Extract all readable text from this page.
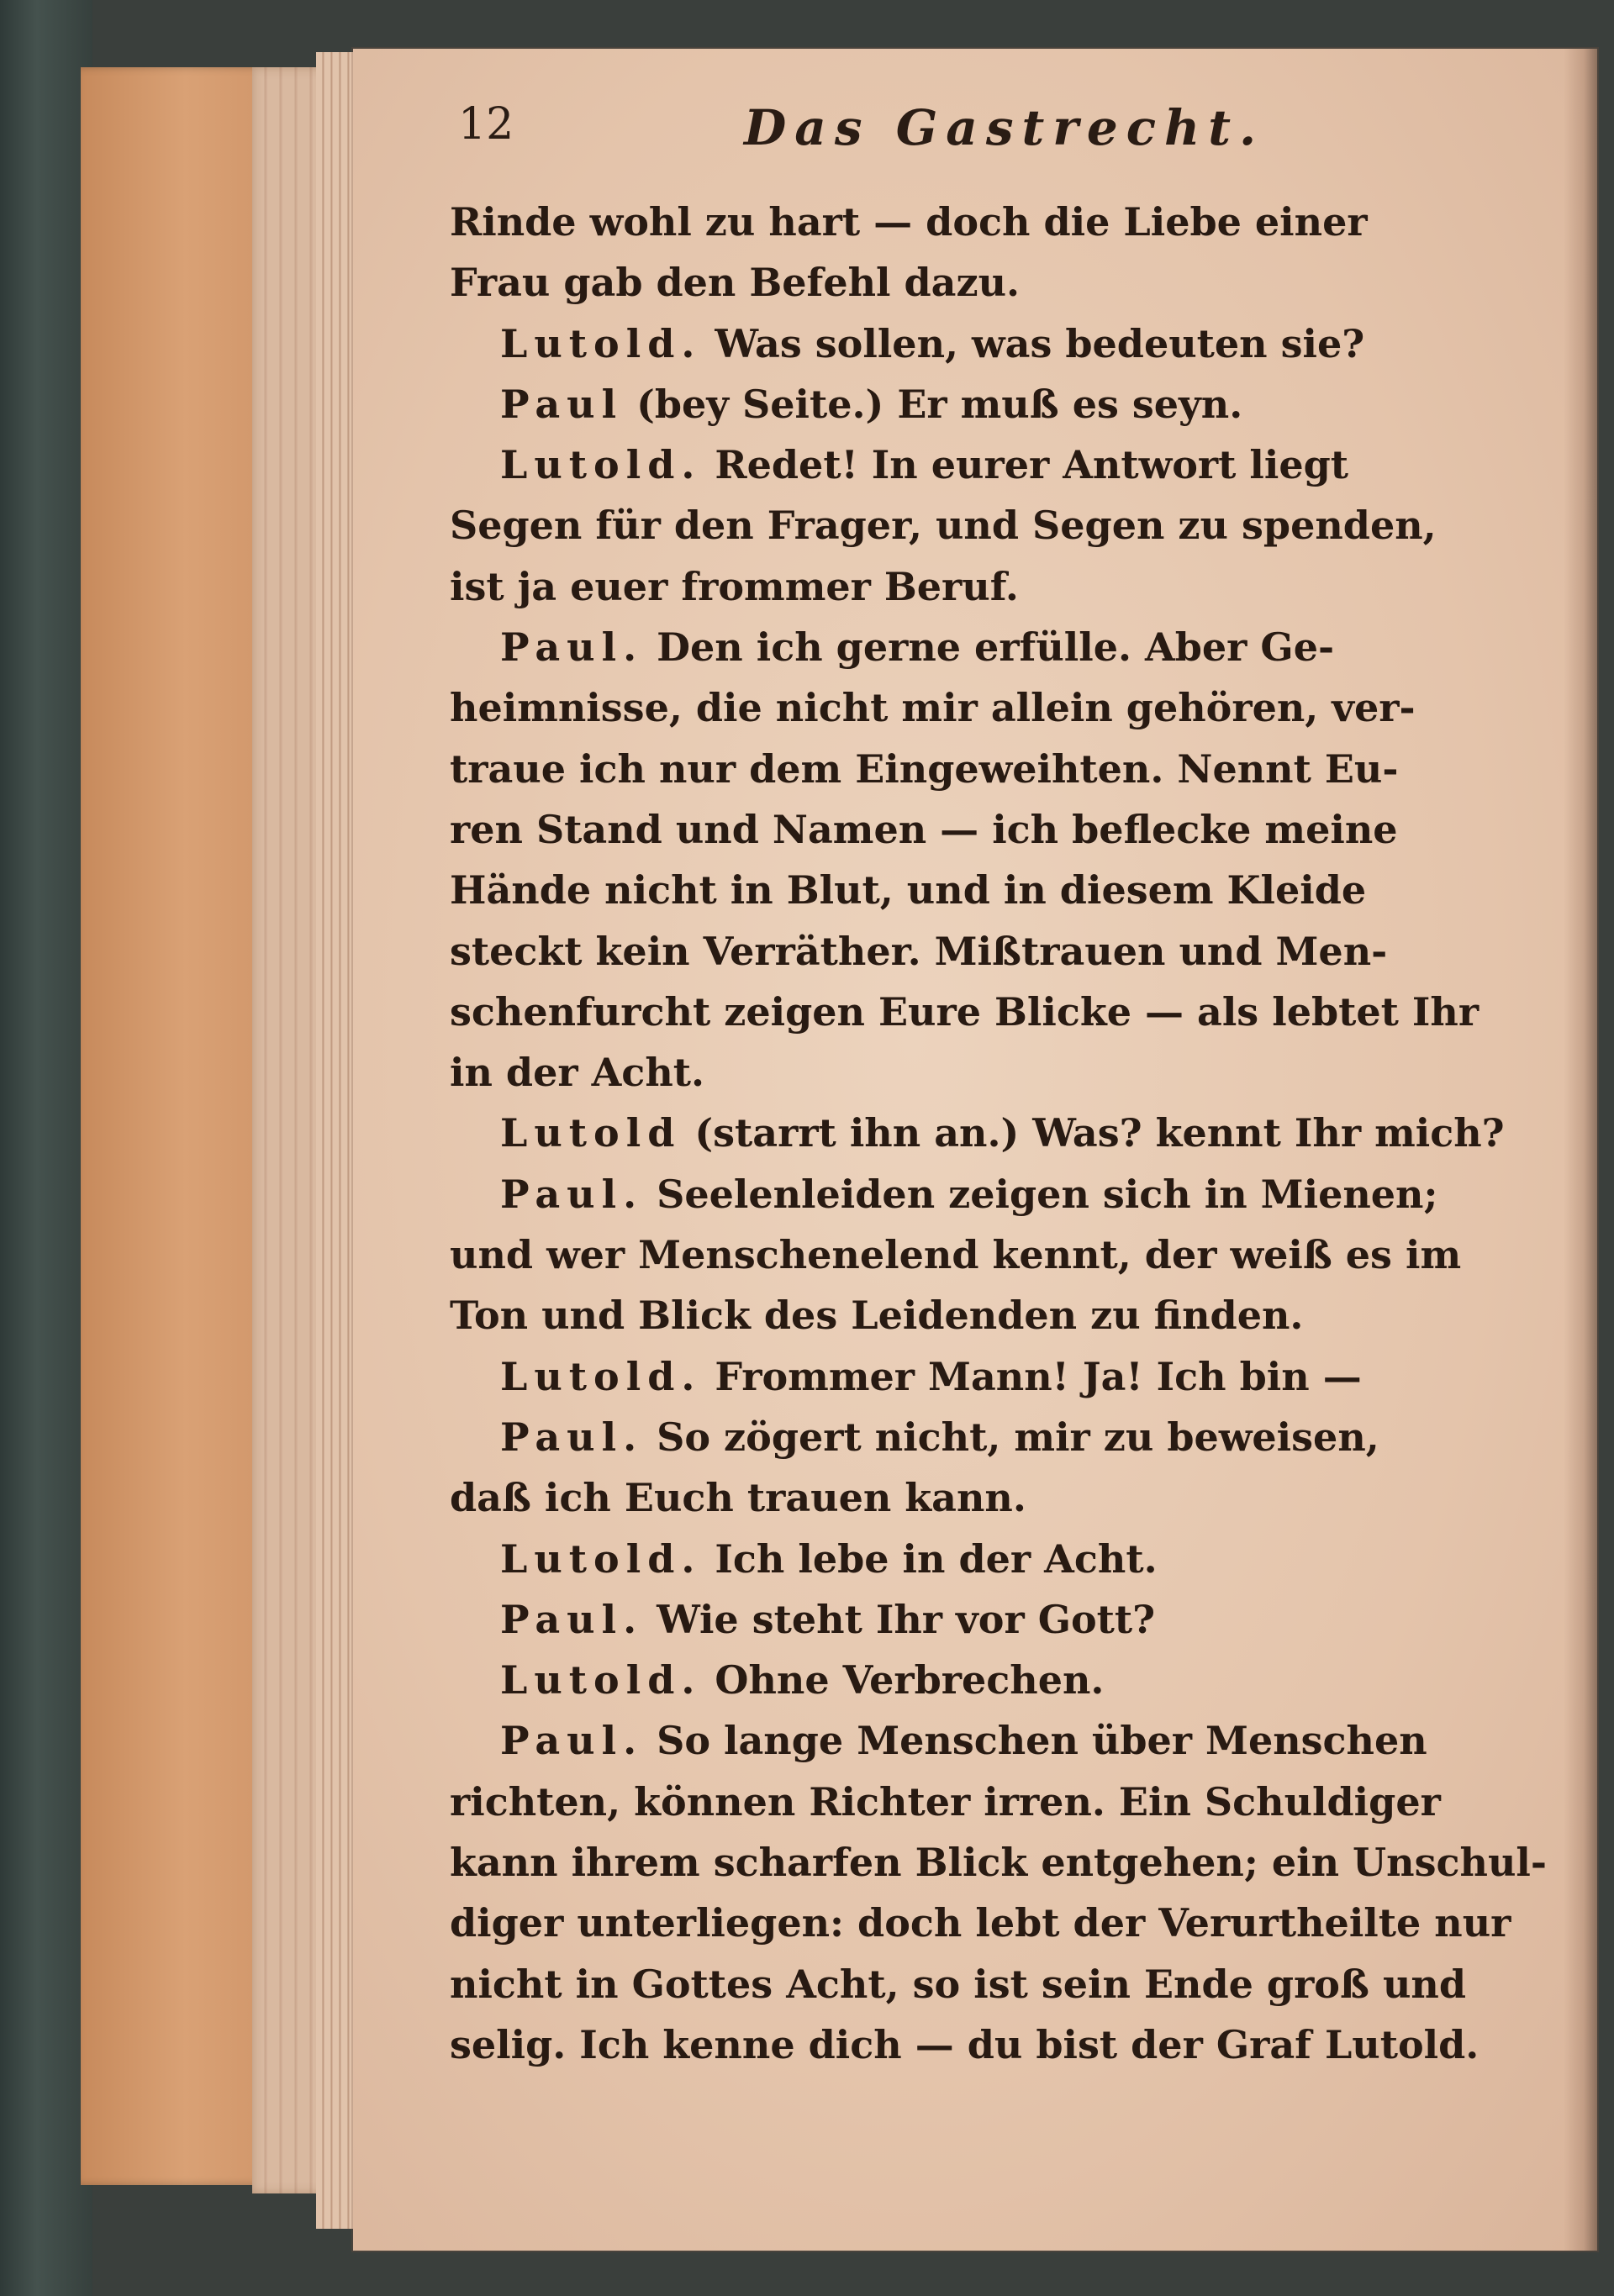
12	Das Gastrecht.
Rinde wohl zu hart — doch die Liebe einer
Frau gab den Befehl dazu.
Lutold. Was sollen, was bedeuten sie?
Paul (bey Seite.) Er muß es seyn.
Lutold. Redet! In eurer Antwort liegt
Segen für den Frager, und Segen zu spenden,
ist ja euer frommer Beruf.
Paul. Den ich gerne erfülle. Aber Ge-
heimnisse, die nicht mir allein gehören, ver-
traue ich nur dem Eingeweihten. Nennt Eu-
ren Stand und Namen — ich beflecke meine
Hände nicht in Blut, und in diesem Kleide
steckt kein Verräther. Mißtrauen und Men-
schenfurcht zeigen Eure Blicke — als lebtet Ihr
in der Acht.
Lutold (starrt ihn an.) Was? kennt Ihr mich?
Paul. Seelenleiden zeigen sich in Mienen;
und wer Menschenelend kennt, der weiß es im
Ton und Blick des Leidenden zu finden.
Lutold. Frommer Mann! Ja! Ich bin —
Paul. So zögert nicht, mir zu beweisen,
daß ich Euch trauen kann.
Lutold. Ich lebe in der Acht.
Paul. Wie steht Ihr vor Gott?
Lutold. Ohne Verbrechen.
Paul. So lange Menschen über Menschen
richten, können Richter irren. Ein Schuldiger
kann ihrem scharfen Blick entgehen; ein Unschul-
diger unterliegen: doch lebt der Verurtheilte nur
nicht in Gottes Acht, so ist sein Ende groß und
selig. Ich kenne dich — du bist der Graf Lutold.
